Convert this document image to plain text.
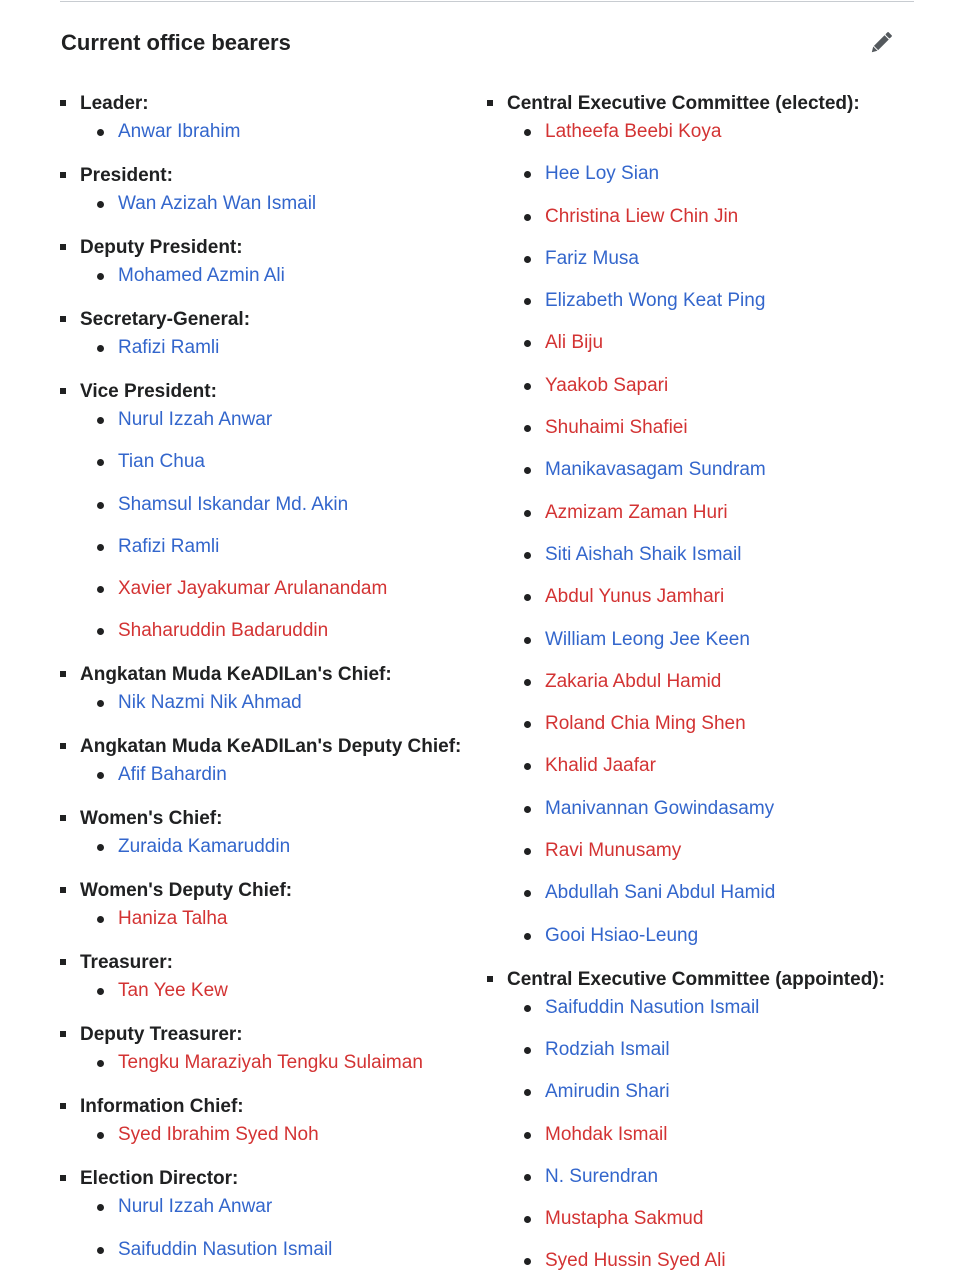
Current office bearers
Leader:
Anwar Ibrahim
President:
Wan Azizah Wan Ismail
Deputy President:
Mohamed Azmin Ali
Secretary-General:
Rafizi Ramli
Vice President:
Nurul Izzah Anwar
Tian Chua
Shamsul Iskandar Md. Akin
Rafizi Ramli
Xavier Jayakumar Arulanandam
Shaharuddin Badaruddin
Angkatan Muda KeADILan's Chief:
Nik Nazmi Nik Ahmad
Angkatan Muda KeADILan's Deputy Chief:
Afif Bahardin
Women's Chief:
Zuraida Kamaruddin
Women's Deputy Chief:
Haniza Talha
Treasurer:
Tan Yee Kew
Deputy Treasurer:
Tengku Maraziyah Tengku Sulaiman
Information Chief:
Syed Ibrahim Syed Noh
Election Director:
Nurul Izzah Anwar
Saifuddin Nasution Ismail
Central Executive Committee (elected):
Latheefa Beebi Koya
Hee Loy Sian
Christina Liew Chin Jin
Fariz Musa
Elizabeth Wong Keat Ping
Ali Biju
Yaakob Sapari
Shuhaimi Shafiei
Manikavasagam Sundram
Azmizam Zaman Huri
Siti Aishah Shaik Ismail
Abdul Yunus Jamhari
William Leong Jee Keen
Zakaria Abdul Hamid
Roland Chia Ming Shen
Khalid Jaafar
Manivannan Gowindasamy
Ravi Munusamy
Abdullah Sani Abdul Hamid
Gooi Hsiao-Leung
Central Executive Committee (appointed):
Saifuddin Nasution Ismail
Rodziah Ismail
Amirudin Shari
Mohdak Ismail
N. Surendran
Mustapha Sakmud
Syed Hussin Syed Ali
